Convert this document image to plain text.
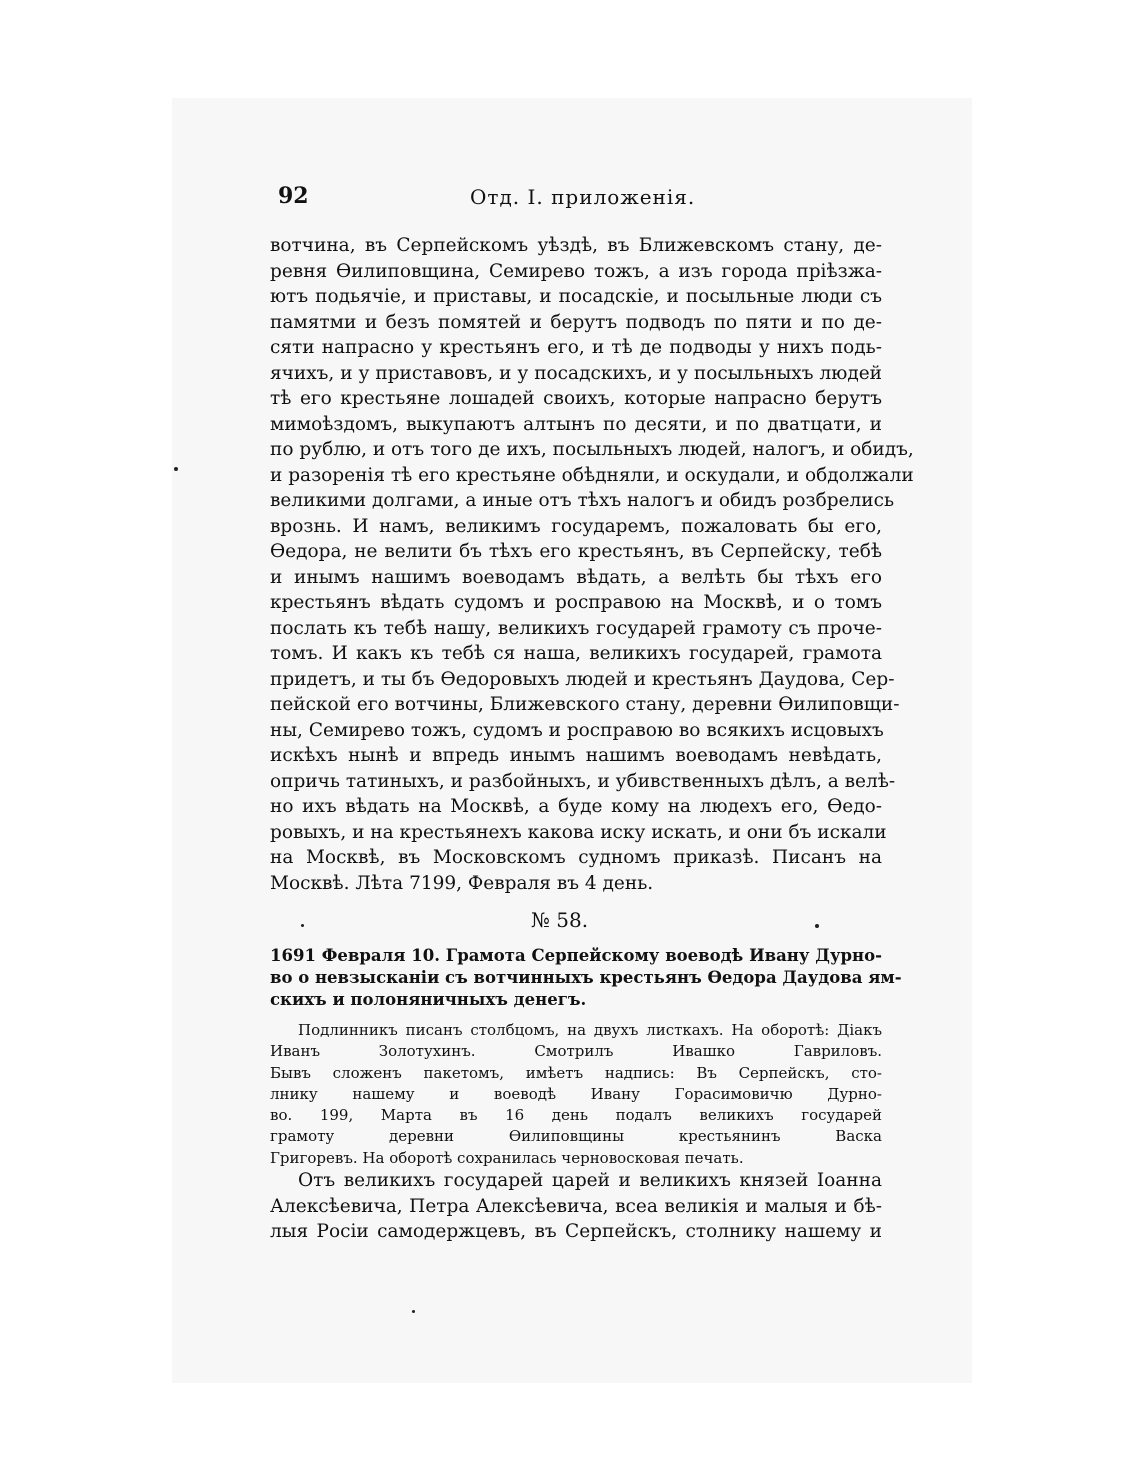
92	Отд. I. приложенія.
вотчина, въ Серпейскомъ уѣздѣ, въ Ближевскомъ стану, де-
ревня Ѳилиповщина, Семирево тожъ, а изъ города пріѣзжа-
ютъ подьячіе, и приставы, и посадскіе, и посыльные люди съ
памятми и безъ помятей и берутъ подводъ по пяти и по де-
сяти напрасно у крестьянъ его, и тѣ де подводы у нихъ подь-
ячихъ, и у приставовъ, и у посадскихъ, и у посыльныхъ людей
тѣ его крестьяне лошадей своихъ, которые напрасно берутъ
мимоѣздомъ, выкупаютъ алтынъ по десяти, и по дватцати, и
по рублю, и отъ того де ихъ, посыльныхъ людей, налогъ, и обидъ,
и разоренія тѣ его крестьяне обѣдняли, и оскудали, и обдолжали
великими долгами, а иные отъ тѣхъ налогъ и обидъ розбрелись
врознь. И намъ, великимъ государемъ, пожаловать бы его,
Ѳедора, не велити бъ тѣхъ его крестьянъ, въ Серпейску, тебѣ
и инымъ нашимъ воеводамъ вѣдать, а велѣть бы тѣхъ его
крестьянъ вѣдать судомъ и росправою на Москвѣ, и о томъ
послать къ тебѣ нашу, великихъ государей грамоту съ прочe-
томъ. И какъ къ тебѣ ся наша, великихъ государей, грамота
придетъ, и ты бъ Ѳедоровыхъ людей и крестьянъ Даудова, Сер-
пейской его вотчины, Ближевского стану, деревни Ѳилиповщи-
ны, Семирево тожъ, судомъ и росправою во всякихъ исцовыхъ
искѣхъ нынѣ и впредь инымъ нашимъ воеводамъ невѣдать,
опричь татиныхъ, и разбойныхъ, и убивственныхъ дѣлъ, а велѣ-
но ихъ вѣдать на Москвѣ, а буде кому на людехъ его, Ѳедо-
ровыхъ, и на крестьянехъ какова иску искать, и они бъ искали
на Москвѣ, въ Московскомъ судномъ приказѣ. Писанъ на
Москвѣ. Лѣта 7199, Февраля въ 4 день.
№ 58.
1691 Февраля 10. Грамота Серпейскому воеводѣ Ивану Дурно-
во о невзыcканіи съ вотчинныхъ крестьянъ Ѳедора Даудова ям-
скихъ и полоняничныхъ денегъ.
Подлинникъ писанъ столбцомъ, на двухъ листкахъ. На оборотѣ: Діакъ
Иванъ Золотухинъ. Смотрилъ Ивашко Гавриловъ.
Бывъ сложенъ пакетомъ, имѣетъ надпись: Въ Серпейскъ, сто-
лнику нашему и воеводѣ Ивану Горасимовичю Дурно-
во. 199, Марта въ 16 день подалъ великихъ государей
грамоту деревни Ѳилиповщины крестьянинъ Васка
Григоревъ. На оборотѣ сохранилась черновосковая печать.
Отъ великихъ государей царей и великихъ князей Іоанна
Алексѣевича, Петра Алексѣевича, всеа великія и малыя и бѣ-
лыя Росіи самодержцевъ, въ Серпейскъ, столнику нашему и
